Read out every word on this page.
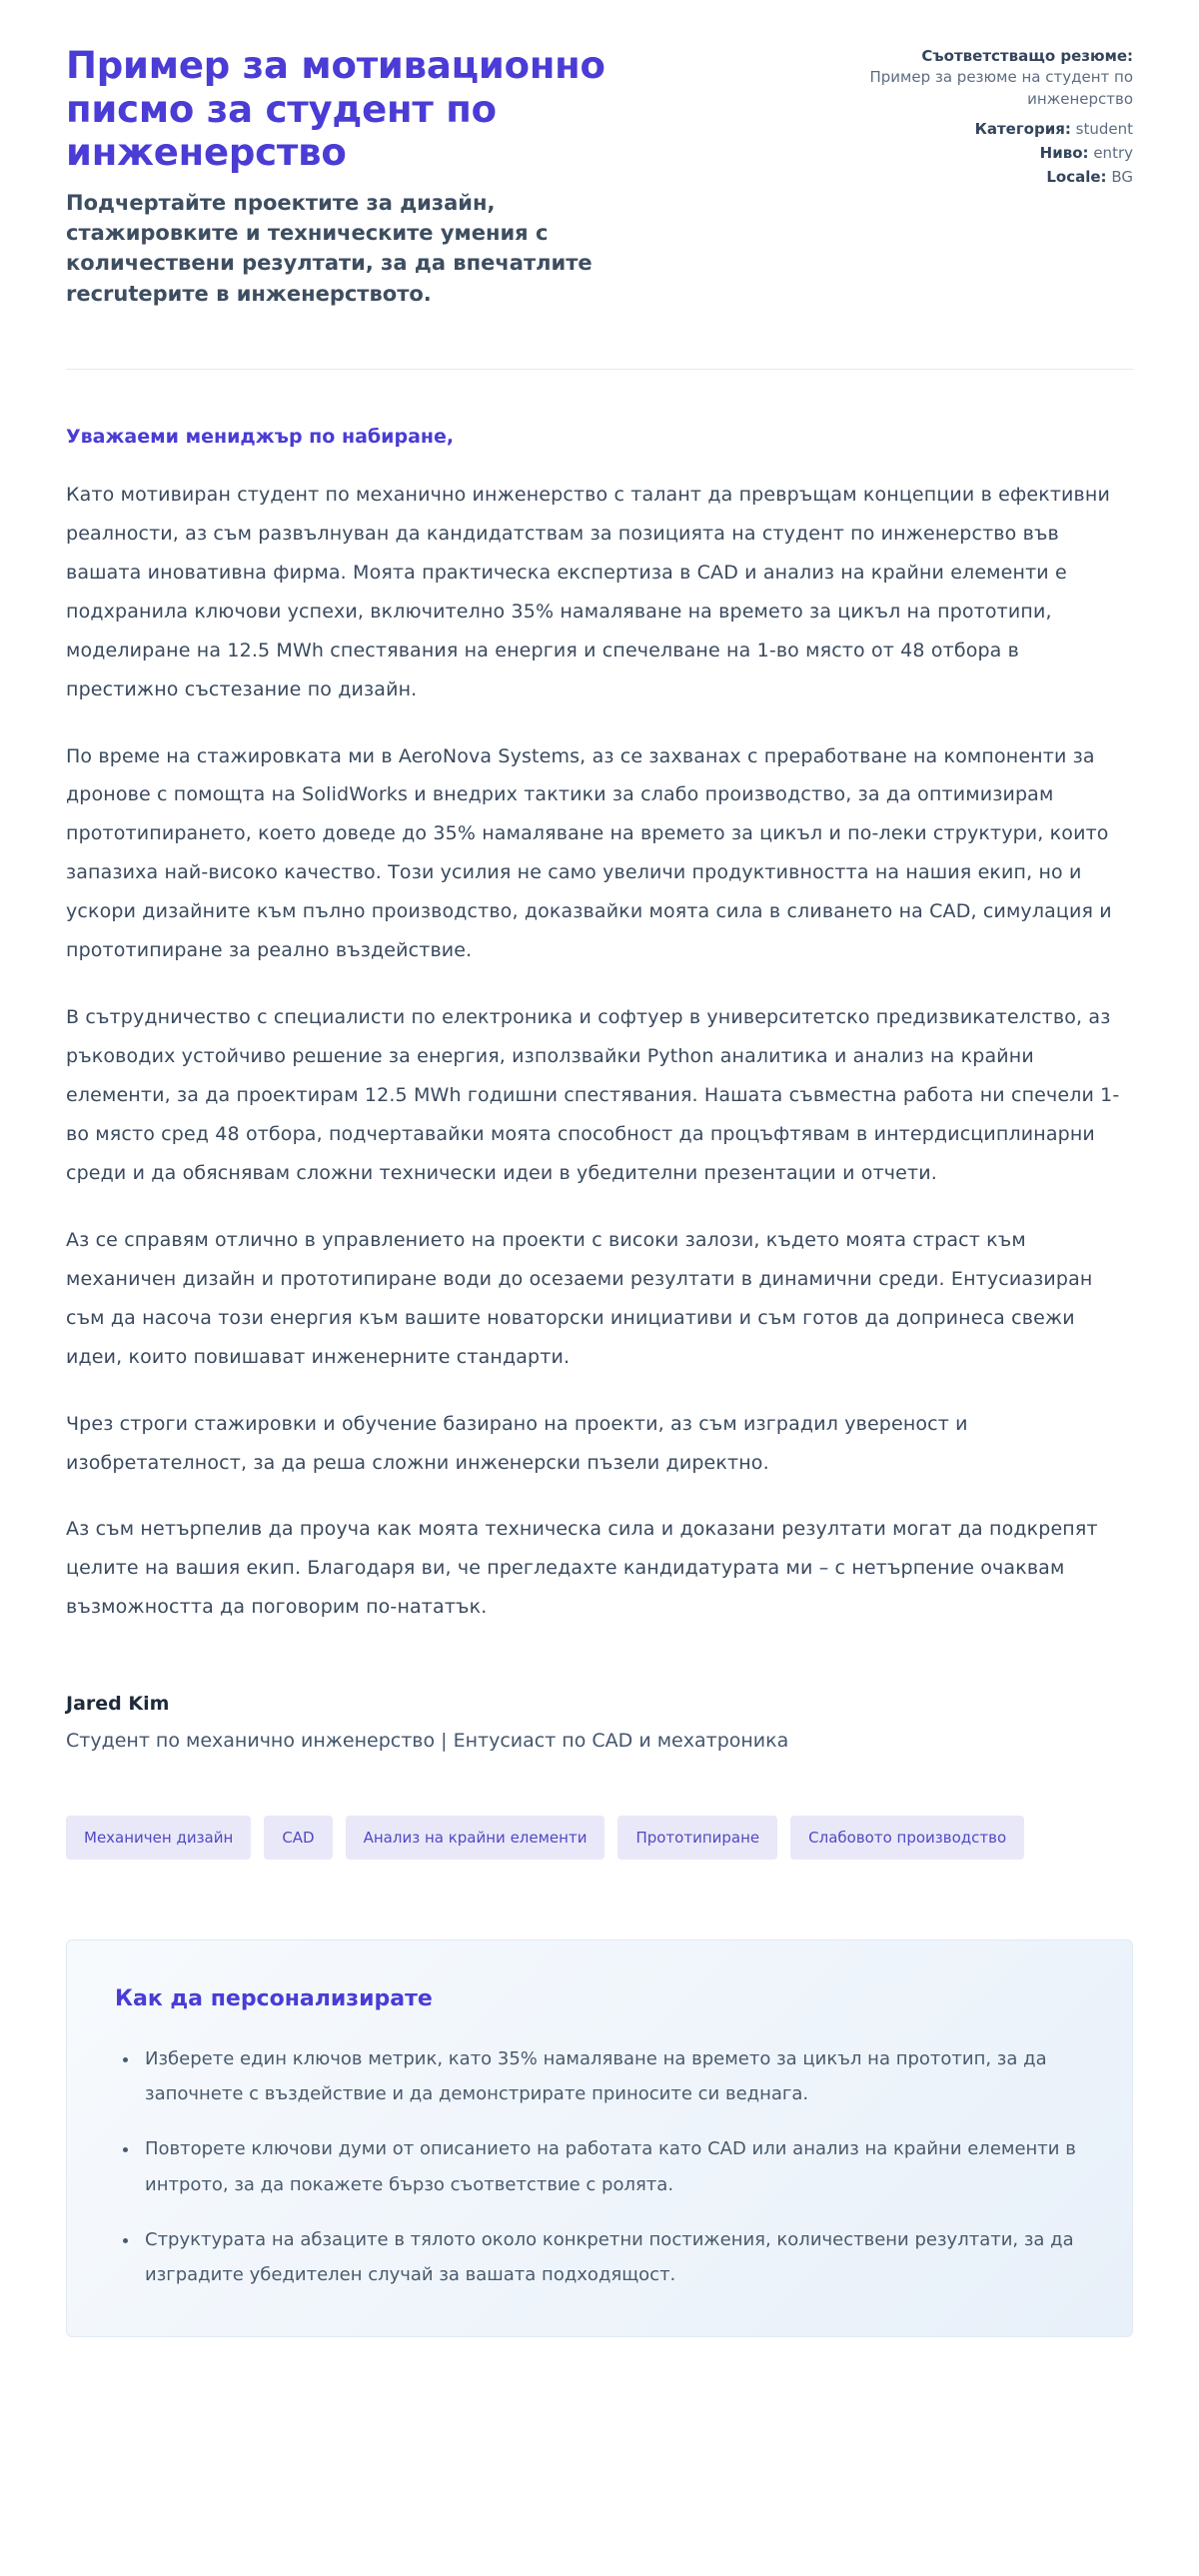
Пример за мотивационно писмо за студент по инженерство

Подчертайте проектите за дизайн, стажировките и техническите умения с количествени резултати, за да впечатлите recruteрите в инженерството.

Съответстващо резюме: Пример за резюме на студент по инженерство

Категория: student

Ниво: entry

Locale: BG

Уважаеми мениджър по набиране,

Като мотивиран студент по механично инженерство с талант да превръщам концепции в ефективни реалности, аз съм развълнуван да кандидатствам за позицията на студент по инженерство във вашата иновативна фирма. Моята практическа експертиза в CAD и анализ на крайни елементи е подхранила ключови успехи, включително 35% намаляване на времето за цикъл на прототипи, моделиране на 12.5 MWh спестявания на енергия и спечелване на 1-во място от 48 отбора в престижно състезание по дизайн.

По време на стажировката ми в AeroNova Systems, аз се захванах с преработване на компоненти за дронове с помощта на SolidWorks и внедрих тактики за слабо производство, за да оптимизирам прототипирането, което доведе до 35% намаляване на времето за цикъл и по-леки структури, които запазиха най-високо качество. Този усилия не само увеличи продуктивността на нашия екип, но и ускори дизайните към пълно производство, доказвайки моята сила в сливането на CAD, симулация и прототипиране за реално въздействие.

В сътрудничество с специалисти по електроника и софтуер в университетско предизвикателство, аз ръководих устойчиво решение за енергия, използвайки Python аналитика и анализ на крайни елементи, за да проектирам 12.5 MWh годишни спестявания. Нашата съвместна работа ни спечели 1-во място сред 48 отбора, подчертавайки моята способност да процъфтявам в интердисциплинарни среди и да обяснявам сложни технически идеи в убедителни презентации и отчети.

Аз се справям отлично в управлението на проекти с високи залози, където моята страст към механичен дизайн и прототипиране води до осезаеми резултати в динамични среди. Ентусиазиран съм да насоча този енергия към вашите новаторски инициативи и съм готов да допринеса свежи идеи, които повишават инженерните стандарти.

Чрез строги стажировки и обучение базирано на проекти, аз съм изградил увереност и изобретателност, за да реша сложни инженерски пъзели директно.

Аз съм нетърпелив да проуча как моята техническа сила и доказани резултати могат да подкрепят целите на вашия екип. Благодаря ви, че прегледахте кандидатурата ми – с нетърпение очаквам възможността да поговорим по-нататък.

Jared Kim

Студент по механично инженерство | Ентусиаст по CAD и мехатроника

Механичен дизайн	CAD	Анализ на крайни елементи	Прототипиране	Слабовото производство
Как да персонализирате
• Изберете един ключов метрик, като 35% намаляване на времето за цикъл на прототип, за да започнете с въздействие и да демонстрирате приносите си веднага.
• Повторете ключови думи от описанието на работата като CAD или анализ на крайни елементи в интрото, за да покажете бързо съответствие с ролята.
• Структурата на абзаците в тялото около конкретни постижения, количествени резултати, за да изградите убедителен случай за вашата подходящост.
